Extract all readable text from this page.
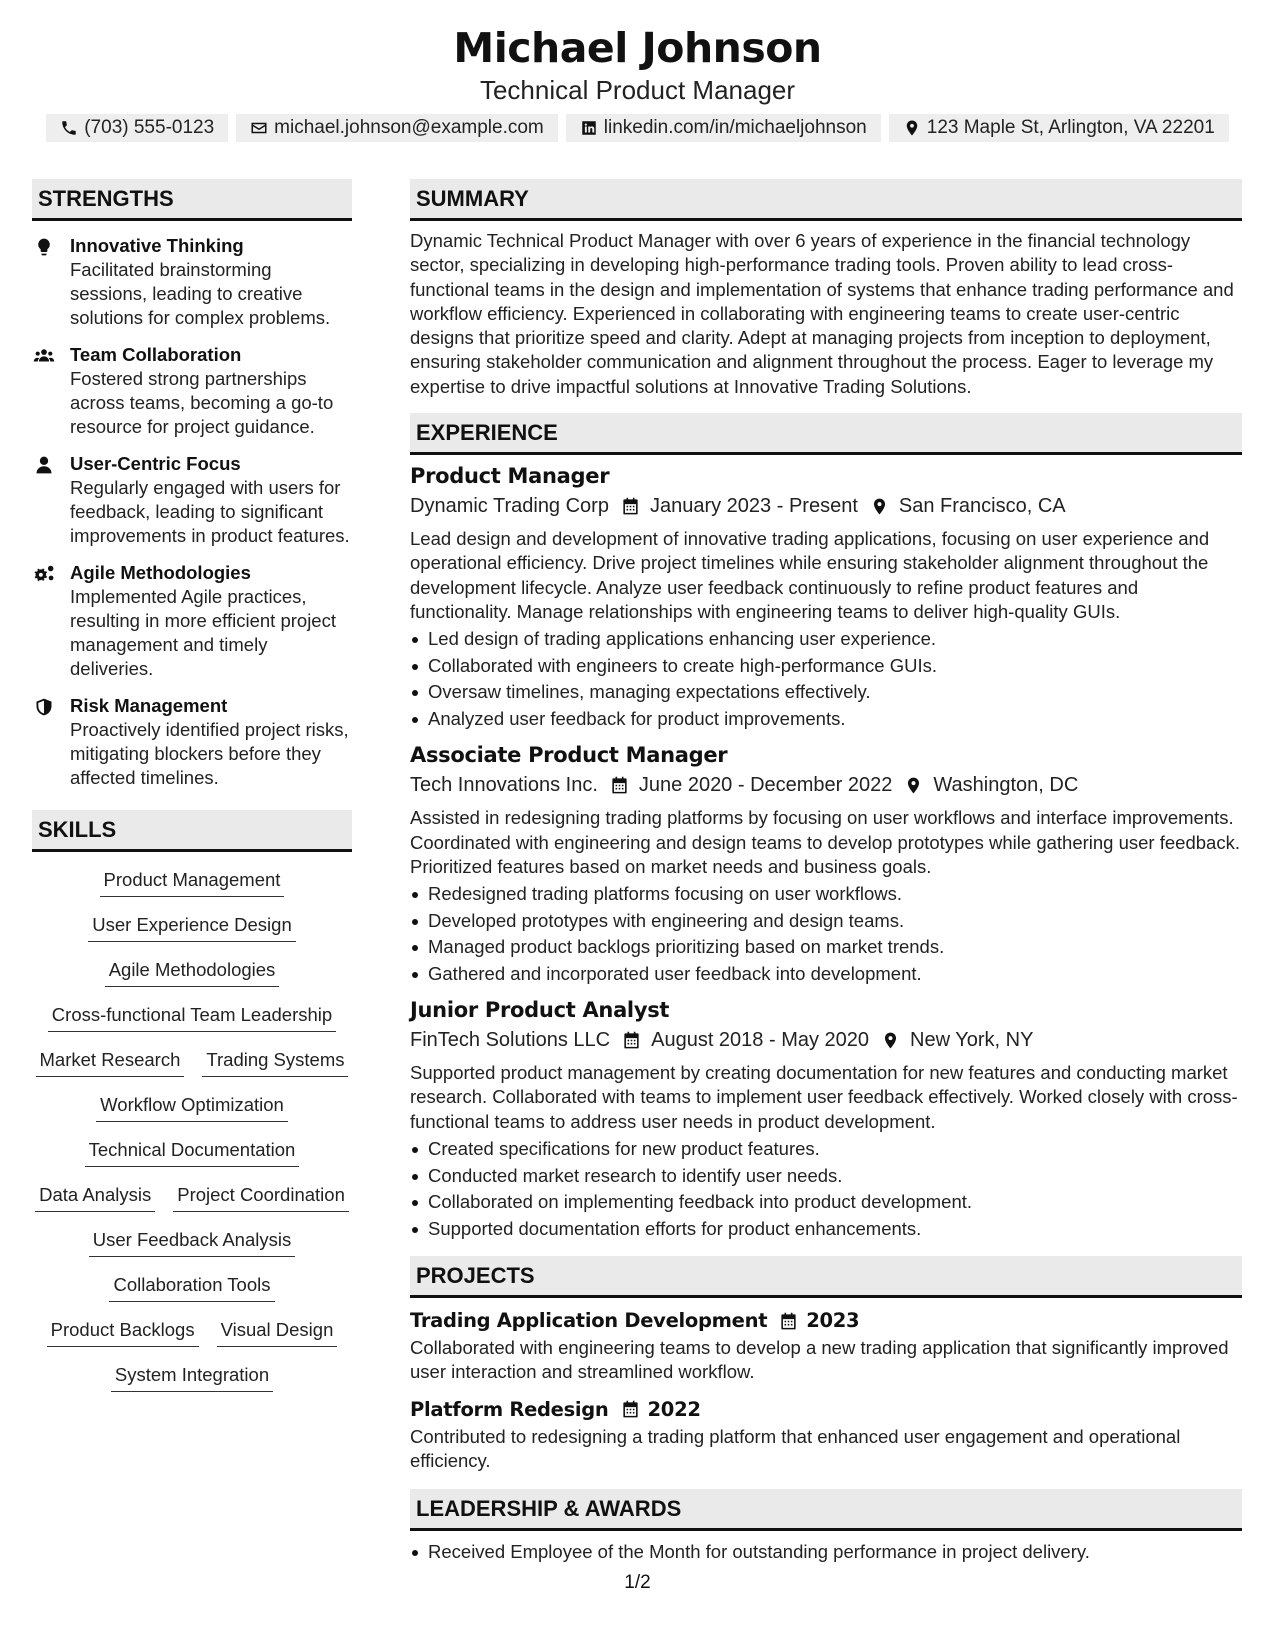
Michael Johnson
Technical Product Manager
(703) 555-0123	michael.johnson@example.com	linkedin.com/in/michaeljohnson	123 Maple St, Arlington, VA 22201
STRENGTHS
Innovative Thinking
Facilitated brainstorming sessions, leading to creative solutions for complex problems.
Team Collaboration
Fostered strong partnerships across teams, becoming a go-to resource for project guidance.
User-Centric Focus
Regularly engaged with users for feedback, leading to significant improvements in product features.
Agile Methodologies
Implemented Agile practices, resulting in more efficient project management and timely deliveries.
Risk Management
Proactively identified project risks, mitigating blockers before they affected timelines.
SKILLS
Product Management
User Experience Design
Agile Methodologies
Cross-functional Team Leadership
Market Research Trading Systems
Workflow Optimization
Technical Documentation
Data Analysis Project Coordination
User Feedback Analysis
Collaboration Tools
Product Backlogs Visual Design
System Integration
SUMMARY
Dynamic Technical Product Manager with over 6 years of experience in the financial technology sector, specializing in developing high-performance trading tools. Proven ability to lead cross-functional teams in the design and implementation of systems that enhance trading performance and workflow efficiency. Experienced in collaborating with engineering teams to create user-centric designs that prioritize speed and clarity. Adept at managing projects from inception to deployment, ensuring stakeholder communication and alignment throughout the process. Eager to leverage my expertise to drive impactful solutions at Innovative Trading Solutions.
EXPERIENCE
Product Manager
Dynamic Trading Corp January 2023 - Present San Francisco, CA
Lead design and development of innovative trading applications, focusing on user experience and operational efficiency. Drive project timelines while ensuring stakeholder alignment throughout the development lifecycle. Analyze user feedback continuously to refine product features and functionality. Manage relationships with engineering teams to deliver high-quality GUIs.
Led design of trading applications enhancing user experience.
Collaborated with engineers to create high-performance GUIs.
Oversaw timelines, managing expectations effectively.
Analyzed user feedback for product improvements.
Associate Product Manager
Tech Innovations Inc. June 2020 - December 2022 Washington, DC
Assisted in redesigning trading platforms by focusing on user workflows and interface improvements. Coordinated with engineering and design teams to develop prototypes while gathering user feedback. Prioritized features based on market needs and business goals.
Redesigned trading platforms focusing on user workflows.
Developed prototypes with engineering and design teams.
Managed product backlogs prioritizing based on market trends.
Gathered and incorporated user feedback into development.
Junior Product Analyst
FinTech Solutions LLC August 2018 - May 2020 New York, NY
Supported product management by creating documentation for new features and conducting market research. Collaborated with teams to implement user feedback effectively. Worked closely with cross-functional teams to address user needs in product development.
Created specifications for new product features.
Conducted market research to identify user needs.
Collaborated on implementing feedback into product development.
Supported documentation efforts for product enhancements.
PROJECTS
Trading Application Development 2023
Collaborated with engineering teams to develop a new trading application that significantly improved user interaction and streamlined workflow.
Platform Redesign 2022
Contributed to redesigning a trading platform that enhanced user engagement and operational efficiency.
LEADERSHIP & AWARDS
Received Employee of the Month for outstanding performance in project delivery.
1/2
